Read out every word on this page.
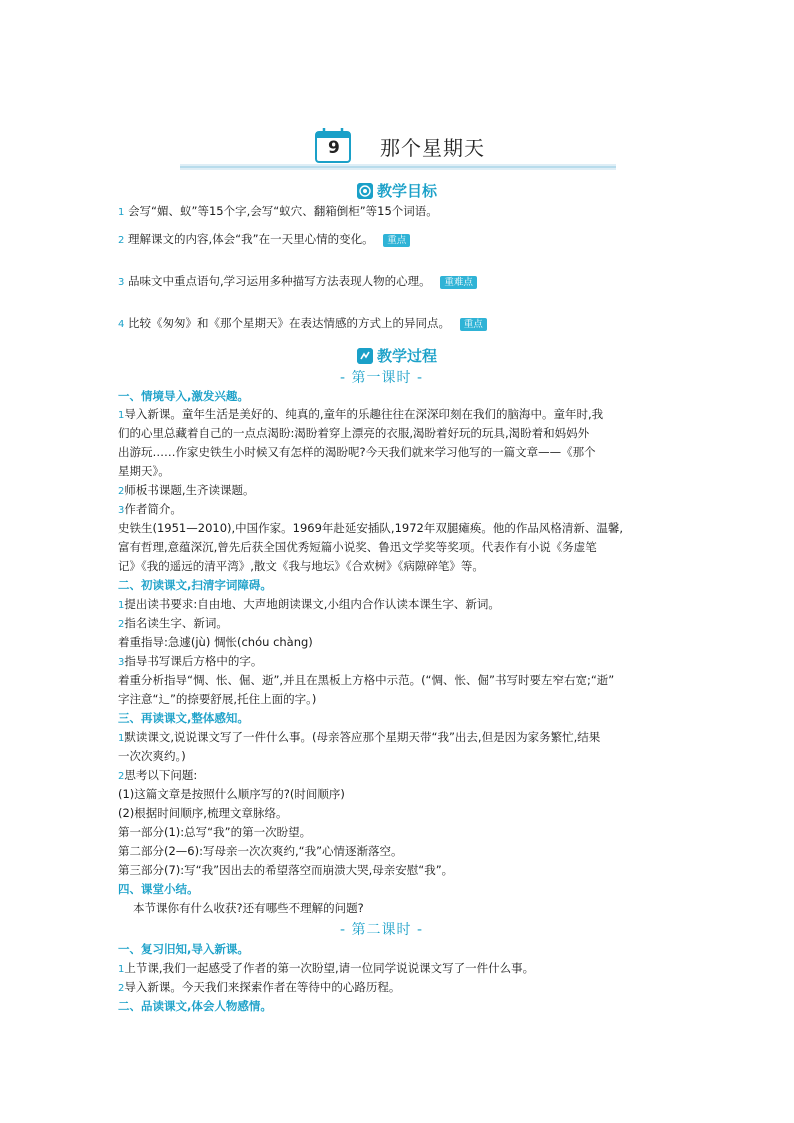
9 那个星期天
教学目标
1 会写“媚、蚁”等15个字,会写“蚁穴、翻箱倒柜”等15个词语。
2 理解课文的内容,体会“我”在一天里心情的变化。 重点
3 品味文中重点语句,学习运用多种描写方法表现人物的心理。 重难点
4 比较《匆匆》和《那个星期天》在表达情感的方式上的异同点。 重点
教学过程
- 第一课时 -
一、情境导入,激发兴趣。
1导入新课。童年生活是美好的、纯真的,童年的乐趣往往在深深印刻在我们的脑海中。童年时,我
们的心里总藏着自己的一点点渴盼:渴盼着穿上漂亮的衣服,渴盼着好玩的玩具,渴盼着和妈妈外
出游玩……作家史铁生小时候又有怎样的渴盼呢?今天我们就来学习他写的一篇文章——《那个
星期天》。
2师板书课题,生齐读课题。
3作者简介。
史铁生(1951—2010),中国作家。1969年赴延安插队,1972年双腿瘫痪。他的作品风格清新、温馨,
富有哲理,意蕴深沉,曾先后获全国优秀短篇小说奖、鲁迅文学奖等奖项。代表作有小说《务虚笔
记》《我的遥远的清平湾》,散文《我与地坛》《合欢树》《病隙碎笔》等。
二、初读课文,扫清字词障碍。
1提出读书要求:自由地、大声地朗读课文,小组内合作认读本课生字、新词。
2指名读生字、新词。
着重指导:急遽(jù) 惆怅(chóu chàng)
3指导书写课后方格中的字。
着重分析指导“惆、怅、倔、逝”,并且在黑板上方格中示范。(“惆、怅、倔”书写时要左窄右宽;“逝”
字注意“辶”的捺要舒展,托住上面的字。)
三、再读课文,整体感知。
1默读课文,说说课文写了一件什么事。(母亲答应那个星期天带“我”出去,但是因为家务繁忙,结果
一次次爽约。)
2思考以下问题:
(1)这篇文章是按照什么顺序写的?(时间顺序)
(2)根据时间顺序,梳理文章脉络。
第一部分(1):总写“我”的第一次盼望。
第二部分(2—6):写母亲一次次爽约,“我”心情逐渐落空。
第三部分(7):写“我”因出去的希望落空而崩溃大哭,母亲安慰“我”。
四、课堂小结。
本节课你有什么收获?还有哪些不理解的问题?
- 第二课时 -
一、复习旧知,导入新课。
1上节课,我们一起感受了作者的第一次盼望,请一位同学说说课文写了一件什么事。
2导入新课。今天我们来探索作者在等待中的心路历程。
二、品读课文,体会人物感情。
